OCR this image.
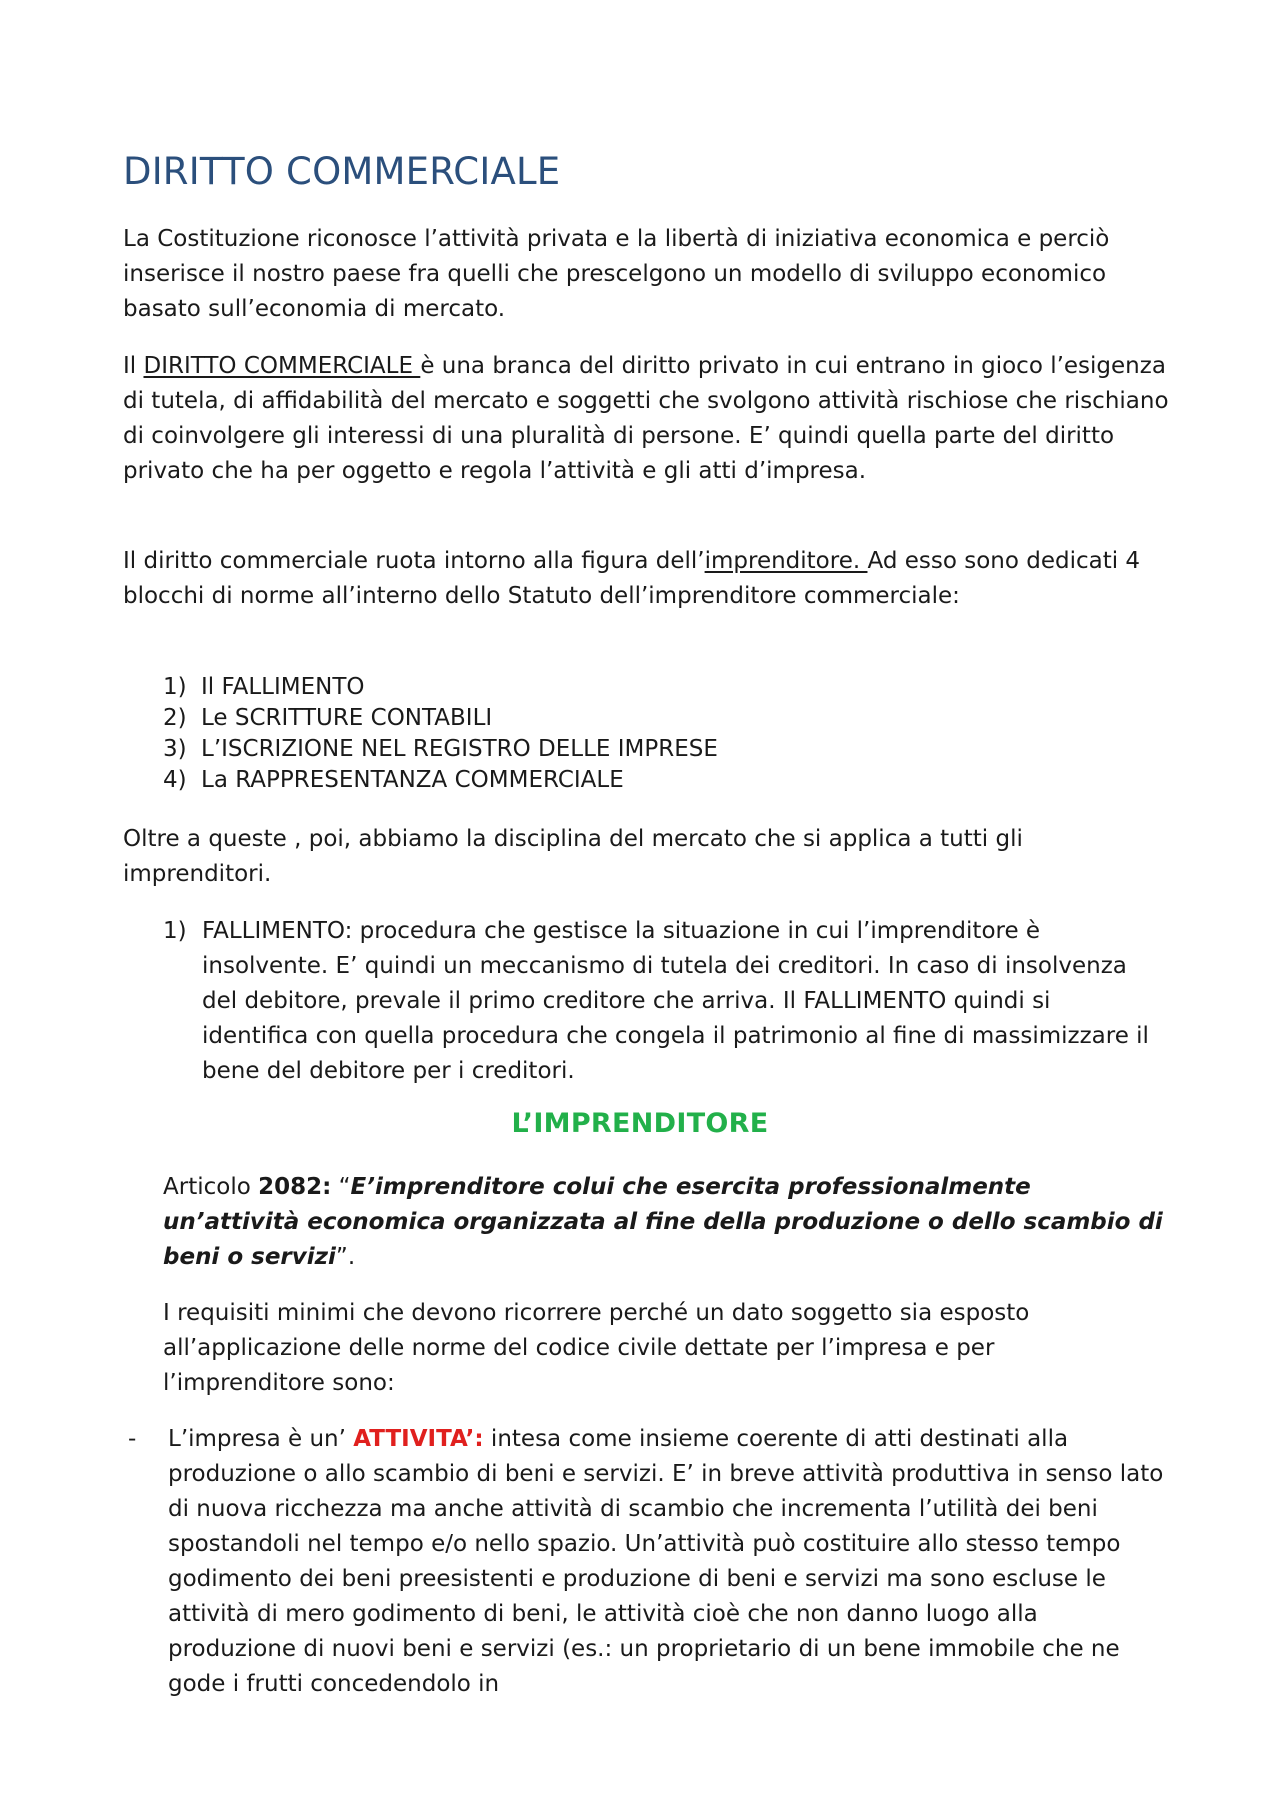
DIRITTO COMMERCIALE

La Costituzione riconosce l’attività privata e la libertà di iniziativa economica e perciò inserisce il nostro paese fra quelli che prescelgono un modello di sviluppo economico basato sull’economia di mercato.

Il DIRITTO COMMERCIALE è una branca del diritto privato in cui entrano in gioco l’esigenza di tutela, di affidabilità del mercato e soggetti che svolgono attività rischiose che rischiano di coinvolgere gli interessi di una pluralità di persone. E’ quindi quella parte del diritto privato che ha per oggetto e regola l’attività e gli atti d’impresa.

Il diritto commerciale ruota intorno alla figura dell’imprenditore. Ad esso sono dedicati 4 blocchi di norme all’interno dello Statuto dell’imprenditore commerciale:

1) Il FALLIMENTO
2) Le SCRITTURE CONTABILI
3) L’ISCRIZIONE NEL REGISTRO DELLE IMPRESE
4) La RAPPRESENTANZA COMMERCIALE

Oltre a queste , poi, abbiamo la disciplina del mercato che si applica a tutti gli imprenditori.

1) FALLIMENTO: procedura che gestisce la situazione in cui l’imprenditore è insolvente. E’ quindi un meccanismo di tutela dei creditori. In caso di insolvenza del debitore, prevale il primo creditore che arriva. Il FALLIMENTO quindi si identifica con quella procedura che congela il patrimonio al fine di massimizzare il bene del debitore per i creditori.
L’IMPRENDITORE

Articolo 2082: “E’imprenditore colui che esercita professionalmente un’attività economica organizzata al fine della produzione o dello scambio di beni o servizi”.

I requisiti minimi che devono ricorrere perché un dato soggetto sia esposto all’applicazione delle norme del codice civile dettate per l’impresa e per l’imprenditore sono:

-	L’impresa è un’ ATTIVITA’: intesa come insieme coerente di atti destinati alla produzione o allo scambio di beni e servizi. E’ in breve attività produttiva in senso lato di nuova ricchezza ma anche attività di scambio che incrementa l’utilità dei beni spostandoli nel tempo e/o nello spazio. Un’attività può costituire allo stesso tempo godimento dei beni preesistenti e produzione di beni e servizi ma sono escluse le attività di mero godimento di beni, le attività cioè che non danno luogo alla produzione di nuovi beni e servizi (es.: un proprietario di un bene immobile che ne gode i frutti concedendolo in
